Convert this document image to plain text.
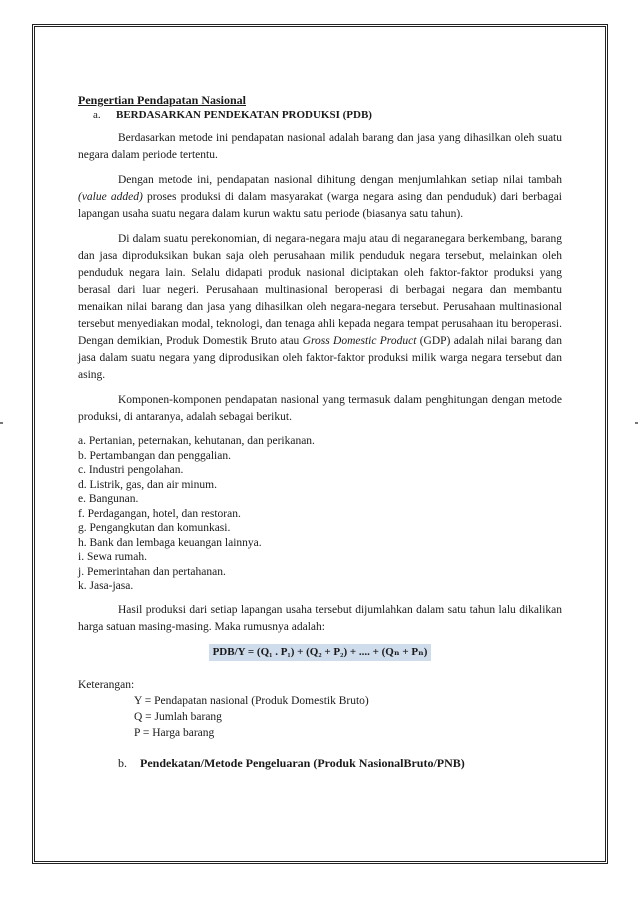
Pengertian Pendapatan Nasional
a. BERDASARKAN PENDEKATAN PRODUKSI (PDB)

Berdasarkan metode ini pendapatan nasional adalah barang dan jasa yang dihasilkan oleh suatu negara dalam periode tertentu.

Dengan metode ini, pendapatan nasional dihitung dengan menjumlahkan setiap nilai tambah (value added) proses produksi di dalam masyarakat (warga negara asing dan penduduk) dari berbagai lapangan usaha suatu negara dalam kurun waktu satu periode (biasanya satu tahun).

Di dalam suatu perekonomian, di negara-negara maju atau di negaranegara berkembang, barang dan jasa diproduksikan bukan saja oleh perusahaan milik penduduk negara tersebut, melainkan oleh penduduk negara lain. Selalu didapati produk nasional diciptakan oleh faktor-faktor produksi yang berasal dari luar negeri. Perusahaan multinasional beroperasi di berbagai negara dan membantu menaikan nilai barang dan jasa yang dihasilkan oleh negara-negara tersebut. Perusahaan multinasional tersebut menyediakan modal, teknologi, dan tenaga ahli kepada negara tempat perusahaan itu beroperasi. Dengan demikian, Produk Domestik Bruto atau Gross Domestic Product (GDP) adalah nilai barang dan jasa dalam suatu negara yang diprodusikan oleh faktor-faktor produksi milik warga negara tersebut dan asing.

Komponen-komponen pendapatan nasional yang termasuk dalam penghitungan dengan metode produksi, di antaranya, adalah sebagai berikut.

a. Pertanian, peternakan, kehutanan, dan perikanan.
b. Pertambangan dan penggalian.
c. Industri pengolahan.
d. Listrik, gas, dan air minum.
e. Bangunan.
f. Perdagangan, hotel, dan restoran.
g. Pengangkutan dan komunkasi.
h. Bank dan lembaga keuangan lainnya.
i. Sewa rumah.
j. Pemerintahan dan pertahanan.
k. Jasa-jasa.

Hasil produksi dari setiap lapangan usaha tersebut dijumlahkan dalam satu tahun lalu dikalikan harga satuan masing-masing. Maka rumusnya adalah:

PDB/Y = (Q₁ . P₁) + (Q₂ + P₂) + .... + (Qₙ + Pₙ)
Keterangan:
Y = Pendapatan nasional (Produk Domestik Bruto)
Q = Jumlah barang
P = Harga barang
b. Pendekatan/Metode Pengeluaran (Produk NasionalBruto/PNB)
